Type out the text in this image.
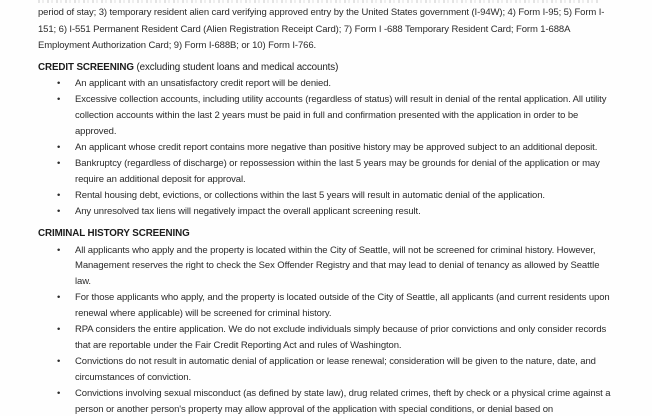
period of stay; 3) temporary resident alien card verifying approved entry by the United States government (I-94W); 4) Form I-95; 5) Form I-151; 6) I-551 Permanent Resident Card (Alien Registration Receipt Card); 7) Form I -688 Temporary Resident Card; Form 1-688A Employment Authorization Card; 9) Form I-688B; or 10) Form I-766.

CREDIT SCREENING (excluding student loans and medical accounts)
• An applicant with an unsatisfactory credit report will be denied.
• Excessive collection accounts, including utility accounts (regardless of status) will result in denial of the rental application. All utility collection accounts within the last 2 years must be paid in full and confirmation presented with the application in order to be approved.
• An applicant whose credit report contains more negative than positive history may be approved subject to an additional deposit.
• Bankruptcy (regardless of discharge) or repossession within the last 5 years may be grounds for denial of the application or may require an additional deposit for approval.
• Rental housing debt, evictions, or collections within the last 5 years will result in automatic denial of the application.
• Any unresolved tax liens will negatively impact the overall applicant screening result.
CRIMINAL HISTORY SCREENING
• All applicants who apply and the property is located within the City of Seattle, will not be screened for criminal history. However, Management reserves the right to check the Sex Offender Registry and that may lead to denial of tenancy as allowed by Seattle law.
• For those applicants who apply, and the property is located outside of the City of Seattle, all applicants (and current residents upon renewal where applicable) will be screened for criminal history.
• RPA considers the entire application. We do not exclude individuals simply because of prior convictions and only consider records that are reportable under the Fair Credit Reporting Act and rules of Washington.
• Convictions do not result in automatic denial of application or lease renewal; consideration will be given to the nature, date, and circumstances of conviction.
• Convictions involving sexual misconduct (as defined by state law), drug related crimes, theft by check or a physical crime against a person or another person's property may allow approval of the application with special conditions, or denial based on
